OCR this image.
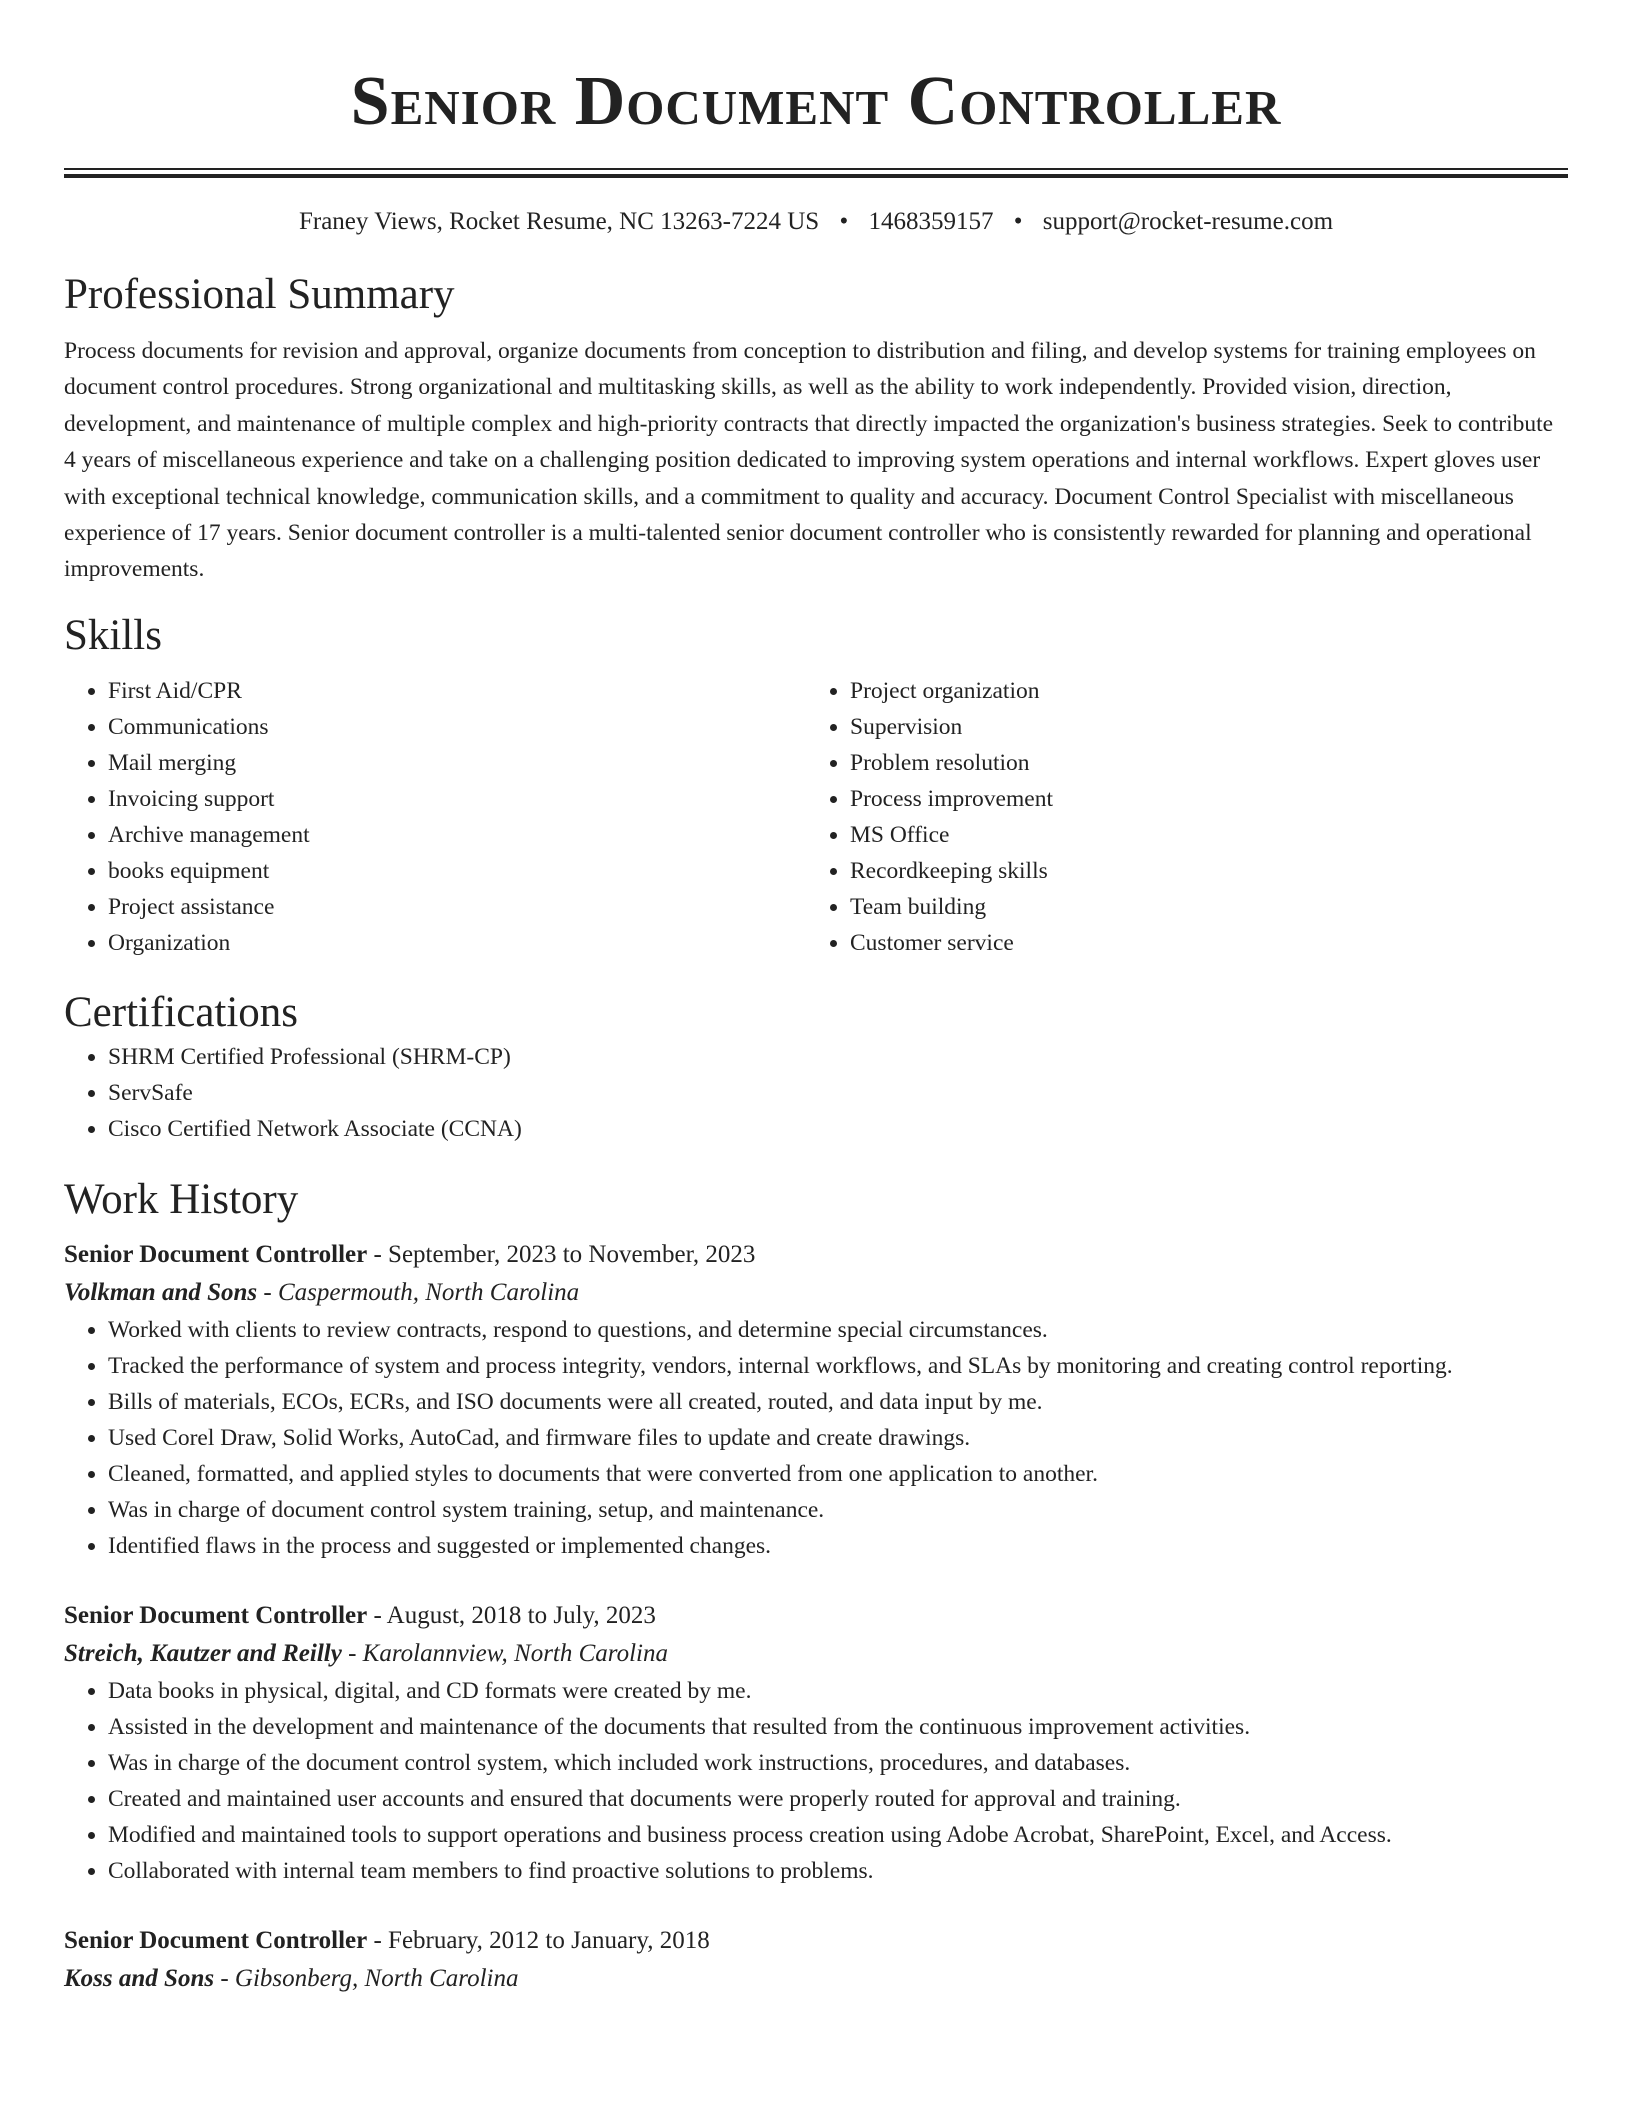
Senior Document Controller
Franey Views, Rocket Resume, NC 13263-7224 US • 1468359157 • support@rocket-resume.com
Professional Summary

Process documents for revision and approval, organize documents from conception to distribution and filing, and develop systems for training employees on document control procedures. Strong organizational and multitasking skills, as well as the ability to work independently. Provided vision, direction, development, and maintenance of multiple complex and high-priority contracts that directly impacted the organization's business strategies. Seek to contribute 4 years of miscellaneous experience and take on a challenging position dedicated to improving system operations and internal workflows. Expert gloves user with exceptional technical knowledge, communication skills, and a commitment to quality and accuracy. Document Control Specialist with miscellaneous experience of 17 years. Senior document controller is a multi-talented senior document controller who is consistently rewarded for planning and operational improvements.

Skills
• First Aid/CPR
• Communications
• Mail merging
• Invoicing support
• Archive management
• books equipment
• Project assistance
• Organization
• Project organization
• Supervision
• Problem resolution
• Process improvement
• MS Office
• Recordkeeping skills
• Team building
• Customer service
Certifications
• SHRM Certified Professional (SHRM-CP)
• ServSafe
• Cisco Certified Network Associate (CCNA)
Work History
Senior Document Controller - September, 2023 to November, 2023
Volkman and Sons - Caspermouth, North Carolina
• Worked with clients to review contracts, respond to questions, and determine special circumstances.
• Tracked the performance of system and process integrity, vendors, internal workflows, and SLAs by monitoring and creating control reporting.
• Bills of materials, ECOs, ECRs, and ISO documents were all created, routed, and data input by me.
• Used Corel Draw, Solid Works, AutoCad, and firmware files to update and create drawings.
• Cleaned, formatted, and applied styles to documents that were converted from one application to another.
• Was in charge of document control system training, setup, and maintenance.
• Identified flaws in the process and suggested or implemented changes.
Senior Document Controller - August, 2018 to July, 2023
Streich, Kautzer and Reilly - Karolannview, North Carolina
• Data books in physical, digital, and CD formats were created by me.
• Assisted in the development and maintenance of the documents that resulted from the continuous improvement activities.
• Was in charge of the document control system, which included work instructions, procedures, and databases.
• Created and maintained user accounts and ensured that documents were properly routed for approval and training.
• Modified and maintained tools to support operations and business process creation using Adobe Acrobat, SharePoint, Excel, and Access.
• Collaborated with internal team members to find proactive solutions to problems.
Senior Document Controller - February, 2012 to January, 2018
Koss and Sons - Gibsonberg, North Carolina
